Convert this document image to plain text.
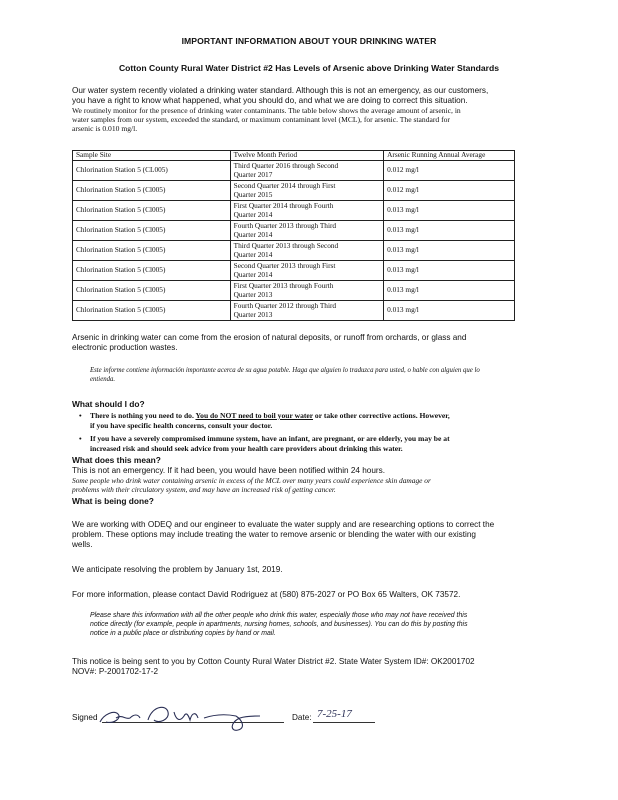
IMPORTANT INFORMATION ABOUT YOUR DRINKING WATER
Cotton County Rural Water District #2 Has Levels of Arsenic above Drinking Water Standards
Our water system recently violated a drinking water standard. Although this is not an emergency, as our customers,
you have a right to know what happened, what you should do, and what we are doing to correct this situation.
We routinely monitor for the presence of drinking water contaminants. The table below shows the average amount of arsenic, in
water samples from our system, exceeded the standard, or maximum contaminant level (MCL), for arsenic. The standard for
arsenic is 0.010 mg/l.
Sample Site	Twelve Month Period	Arsenic Running Annual Average
Chlorination Station 5 (CL005)	Third Quarter 2016 through Second
Quarter 2017	0.012 mg/l
Chlorination Station 5 (Cl005)	Second Quarter 2014 through First
Quarter 2015	0.012 mg/l
Chlorination Station 5 (Cl005)	First Quarter 2014 through Fourth
Quarter 2014	0.013 mg/l
Chlorination Station 5 (Cl005)	Fourth Quarter 2013 through Third
Quarter 2014	0.013 mg/l
Chlorination Station 5 (Cl005)	Third Quarter 2013 through Second
Quarter 2014	0.013 mg/l
Chlorination Station 5 (Cl005)	Second Quarter 2013 through First
Quarter 2014	0.013 mg/l
Chlorination Station 5 (Cl005)	First Quarter 2013 through Fourth
Quarter 2013	0.013 mg/l
Chlorination Station 5 (Cl005)	Fourth Quarter 2012 through Third
Quarter 2013	0.013 mg/l
Arsenic in drinking water can come from the erosion of natural deposits, or runoff from orchards, or glass and
electronic production wastes.
Este informe contiene información importante acerca de su agua potable. Haga que alguien lo traduzca para usted, o hable con alguien que lo
entienda.
What should I do?
• There is nothing you need to do. You do NOT need to boil your water or take other corrective actions. However,
if you have specific health concerns, consult your doctor.
• If you have a severely compromised immune system, have an infant, are pregnant, or are elderly, you may be at
increased risk and should seek advice from your health care providers about drinking this water.
What does this mean?
This is not an emergency. If it had been, you would have been notified within 24 hours.
Some people who drink water containing arsenic in excess of the MCL over many years could experience skin damage or
problems with their circulatory system, and may have an increased risk of getting cancer.
What is being done?
We are working with ODEQ and our engineer to evaluate the water supply and are researching options to correct the
problem. These options may include treating the water to remove arsenic or blending the water with our existing
wells.
We anticipate resolving the problem by January 1st, 2019.
For more information, please contact David Rodriguez at (580) 875-2027 or PO Box 65 Walters, OK 73572.
Please share this information with all the other people who drink this water, especially those who may not have received this
notice directly (for example, people in apartments, nursing homes, schools, and businesses). You can do this by posting this
notice in a public place or distributing copies by hand or mail.
This notice is being sent to you by Cotton County Rural Water District #2. State Water System ID#: OK2001702
NOV#: P-2001702-17-2
Signed	Date: 7-25-17
